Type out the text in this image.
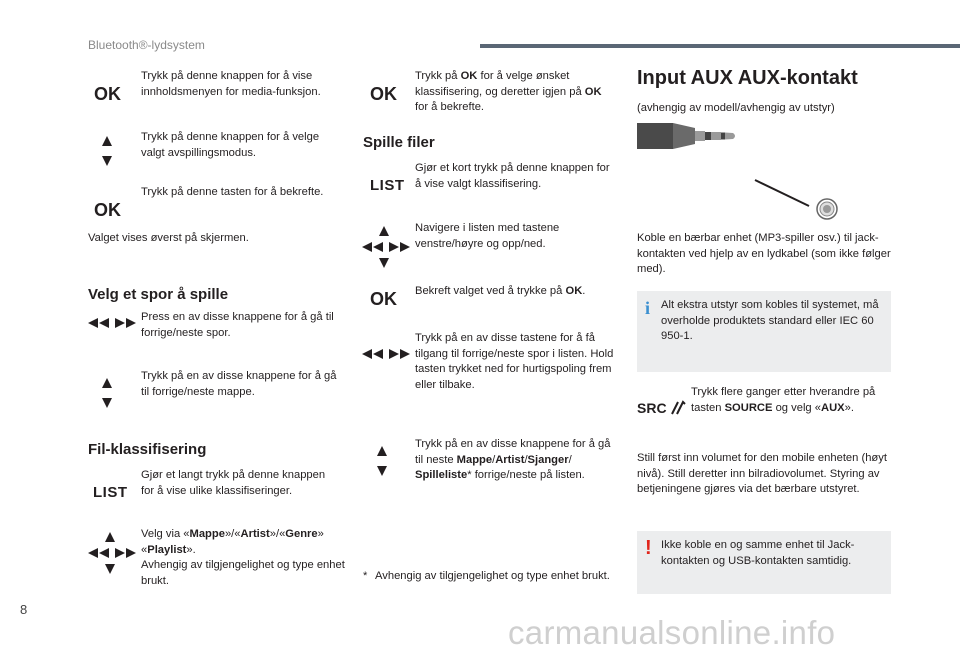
Bluetooth®-lydsystem
OK
Trykk på denne knappen for å vise innholdsmenyen for media-funksjon.
Trykk på denne knappen for å velge valgt avspillingsmodus.
OK
Trykk på denne tasten for å bekrefte.
Valget vises øverst på skjermen.
Velg et spor å spille
Press en av disse knappene for å gå til forrige/neste spor.
Trykk på en av disse knappene for å gå til forrige/neste mappe.
Fil-klassifisering
LIST
Gjør et langt trykk på denne knappen for å vise ulike klassifiseringer.
Velg via «Mappe»/«Artist»/«Genre» «Playlist».
Avhengig av tilgjengelighet og type enhet brukt.
OK
Trykk på OK for å velge ønsket klassifisering, og deretter igjen på OK for å bekrefte.
Spille filer
LIST
Gjør et kort trykk på denne knappen for å vise valgt klassifisering.
Navigere i listen med tastene venstre/høyre og opp/ned.
OK Bekreft valget ved å trykke på OK.
Trykk på en av disse tastene for å få tilgang til forrige/neste spor i listen. Hold tasten trykket ned for hurtigspoling frem eller tilbake.
Trykk på en av disse knappene for å gå til neste Mappe/Artist/Sjanger/ Spilleliste* forrige/neste på listen.
* Avhengig av tilgjengelighet og type enhet brukt.
Input AUX AUX-kontakt
(avhengig av modell/avhengig av utstyr)
Koble en bærbar enhet (MP3-spiller osv.) til jack-kontakten ved hjelp av en lydkabel (som ikke følger med).
i Alt ekstra utstyr som kobles til systemet, må overholde produktets standard eller IEC 60 950-1.
SRC
Trykk flere ganger etter hverandre på tasten SOURCE og velg «AUX».
Still først inn volumet for den mobile enheten (høyt nivå). Still deretter inn bilradiovolumet. Styring av betjeningene gjøres via det bærbare utstyret.
! Ikke koble en og samme enhet til Jack-kontakten og USB-kontakten samtidig.
8
carmanualsonline.info
